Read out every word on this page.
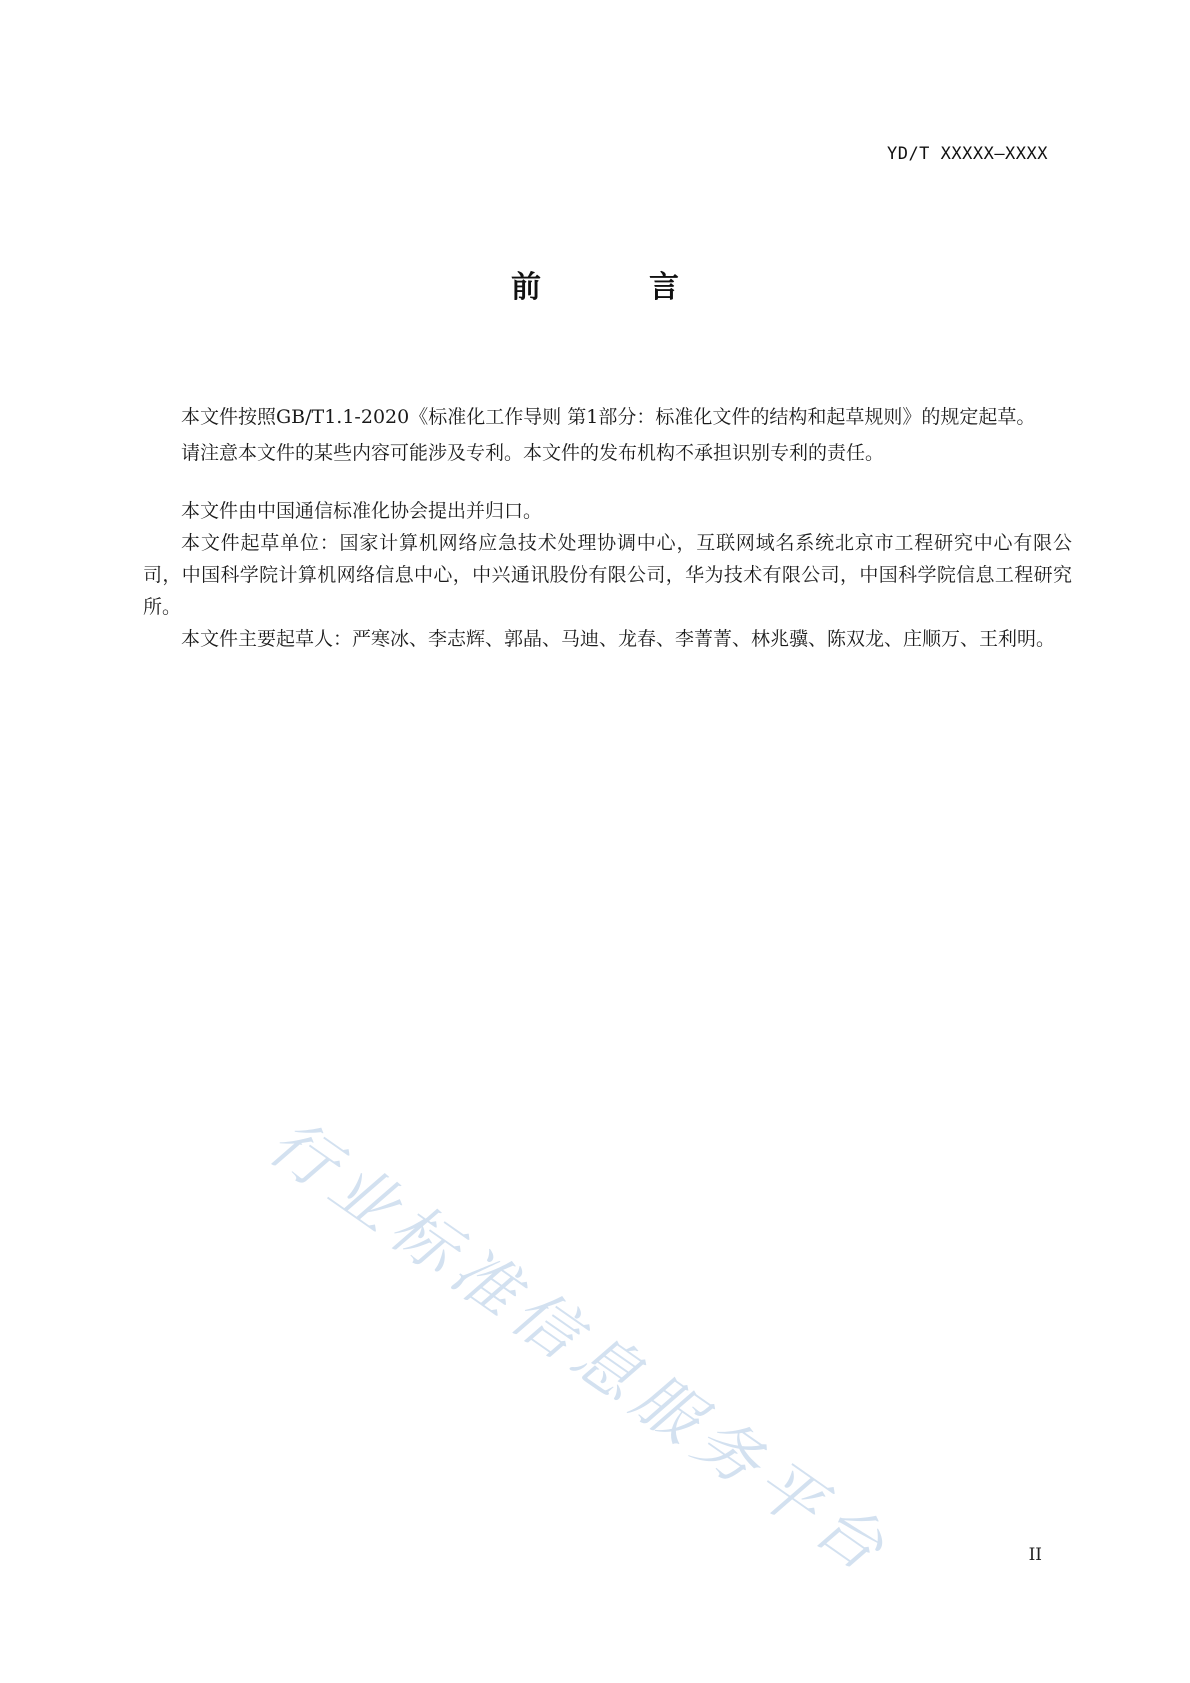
YD/T XXXXX—XXXX
前	言

本文件按照GB/T1.1-2020《标准化工作导则 第1部分：标准化文件的结构和起草规则》的规定起草。

请注意本文件的某些内容可能涉及专利。本文件的发布机构不承担识别专利的责任。

本文件由中国通信标准化协会提出并归口。

本文件起草单位：国家计算机网络应急技术处理协调中心，互联网域名系统北京市工程研究中心有限公司，中国科学院计算机网络信息中心，中兴通讯股份有限公司，华为技术有限公司，中国科学院信息工程研究所。

本文件主要起草人：严寒冰、李志辉、郭晶、马迪、龙春、李菁菁、林兆骥、陈双龙、庄顺万、王利明。

行业标准信息服务平台	II
